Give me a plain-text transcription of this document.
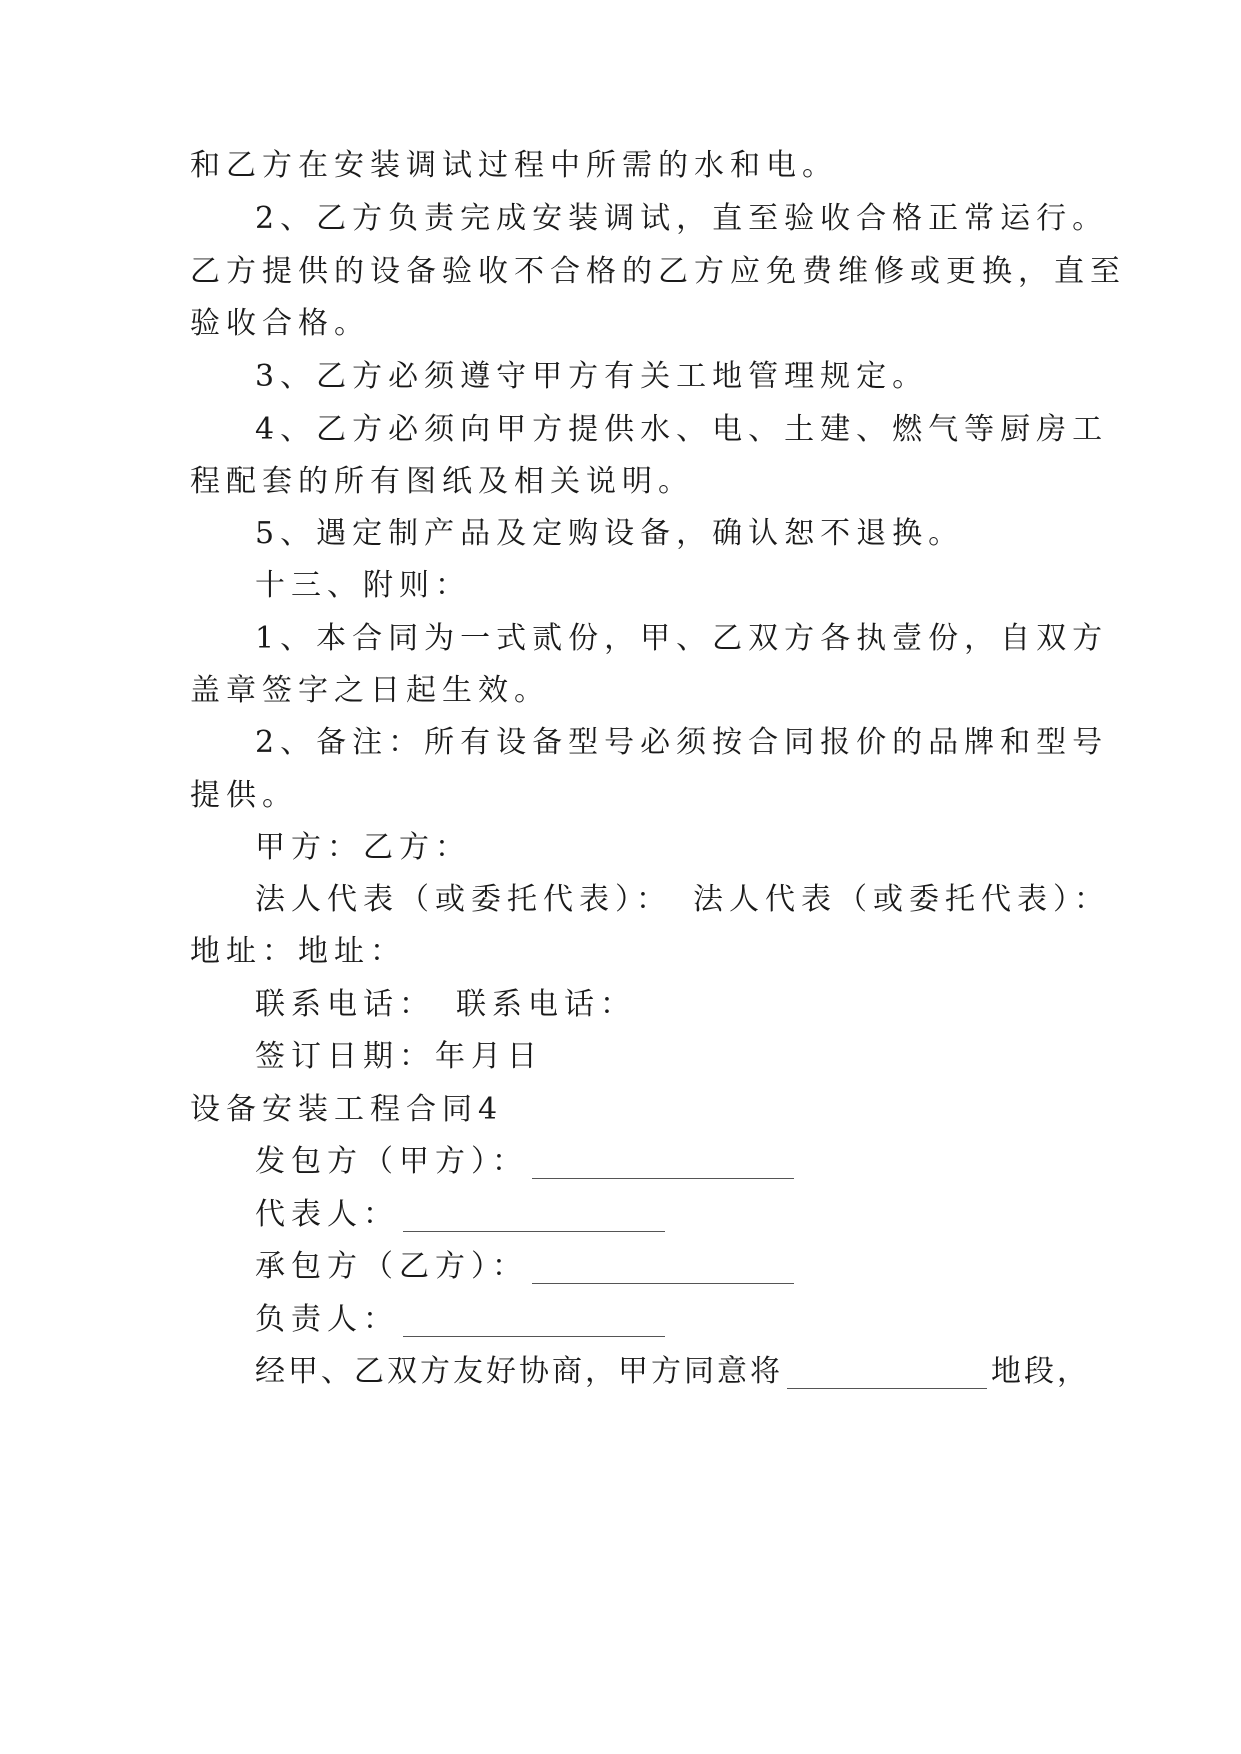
和乙方在安装调试过程中所需的水和电。
2、乙方负责完成安装调试，直至验收合格正常运行。
乙方提供的设备验收不合格的乙方应免费维修或更换，直至
验收合格。
3、乙方必须遵守甲方有关工地管理规定。
4、乙方必须向甲方提供水、电、土建、燃气等厨房工
程配套的所有图纸及相关说明。
5、遇定制产品及定购设备，确认恕不退换。
十三、附则：
1、本合同为一式贰份，甲、乙双方各执壹份，自双方
盖章签字之日起生效。
2、备注：所有设备型号必须按合同报价的品牌和型号
提供。
甲方：乙方：
法人代表（或委托代表）：　法人代表（或委托代表）：
地址：地址：
联系电话：　联系电话：
签订日期：年月日
设备安装工程合同4
发包方（甲方）：
代表人：
承包方（乙方）：
负责人：
经甲、乙双方友好协商，甲方同意将	地段，
